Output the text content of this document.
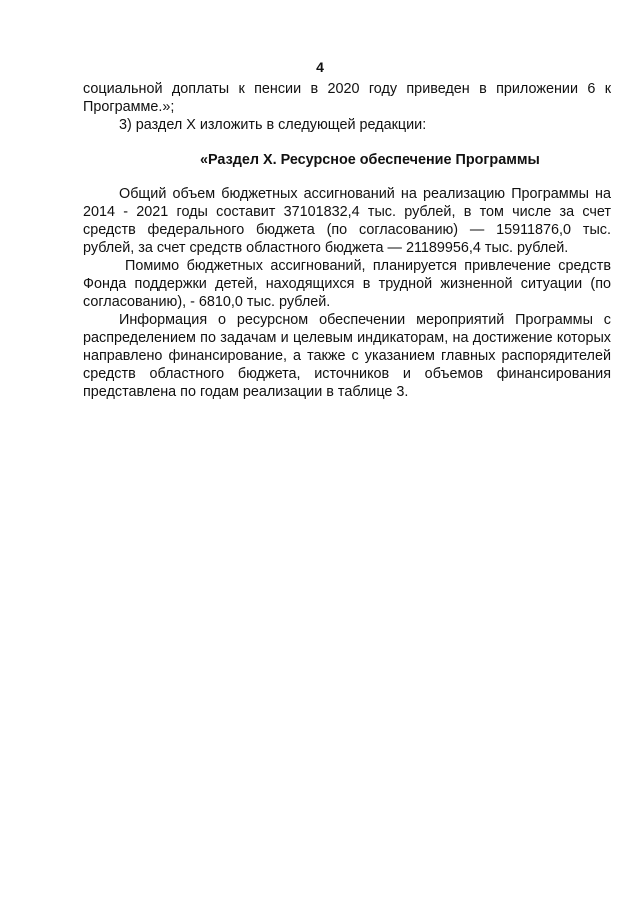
4

социальной доплаты к пенсии в 2020 году приведен в приложении 6 к Программе.»;

3) раздел X изложить в следующей редакции:

«Раздел X. Ресурсное обеспечение Программы

Общий объем бюджетных ассигнований на реализацию Программы на 2014 - 2021 годы составит 37101832,4 тыс. рублей, в том числе за счет средств федерального бюджета (по согласованию) — 15911876,0 тыс. рублей, за счет средств областного бюджета — 21189956,4 тыс. рублей.

Помимо бюджетных ассигнований, планируется привлечение средств Фонда поддержки детей, находящихся в трудной жизненной ситуации (по согласованию), - 6810,0 тыс. рублей.

Информация о ресурсном обеспечении мероприятий Программы с распределением по задачам и целевым индикаторам, на достижение которых направлено финансирование, а также с указанием главных распорядителей средств областного бюджета, источников и объемов финансирования представлена по годам реализации в таблице 3.
